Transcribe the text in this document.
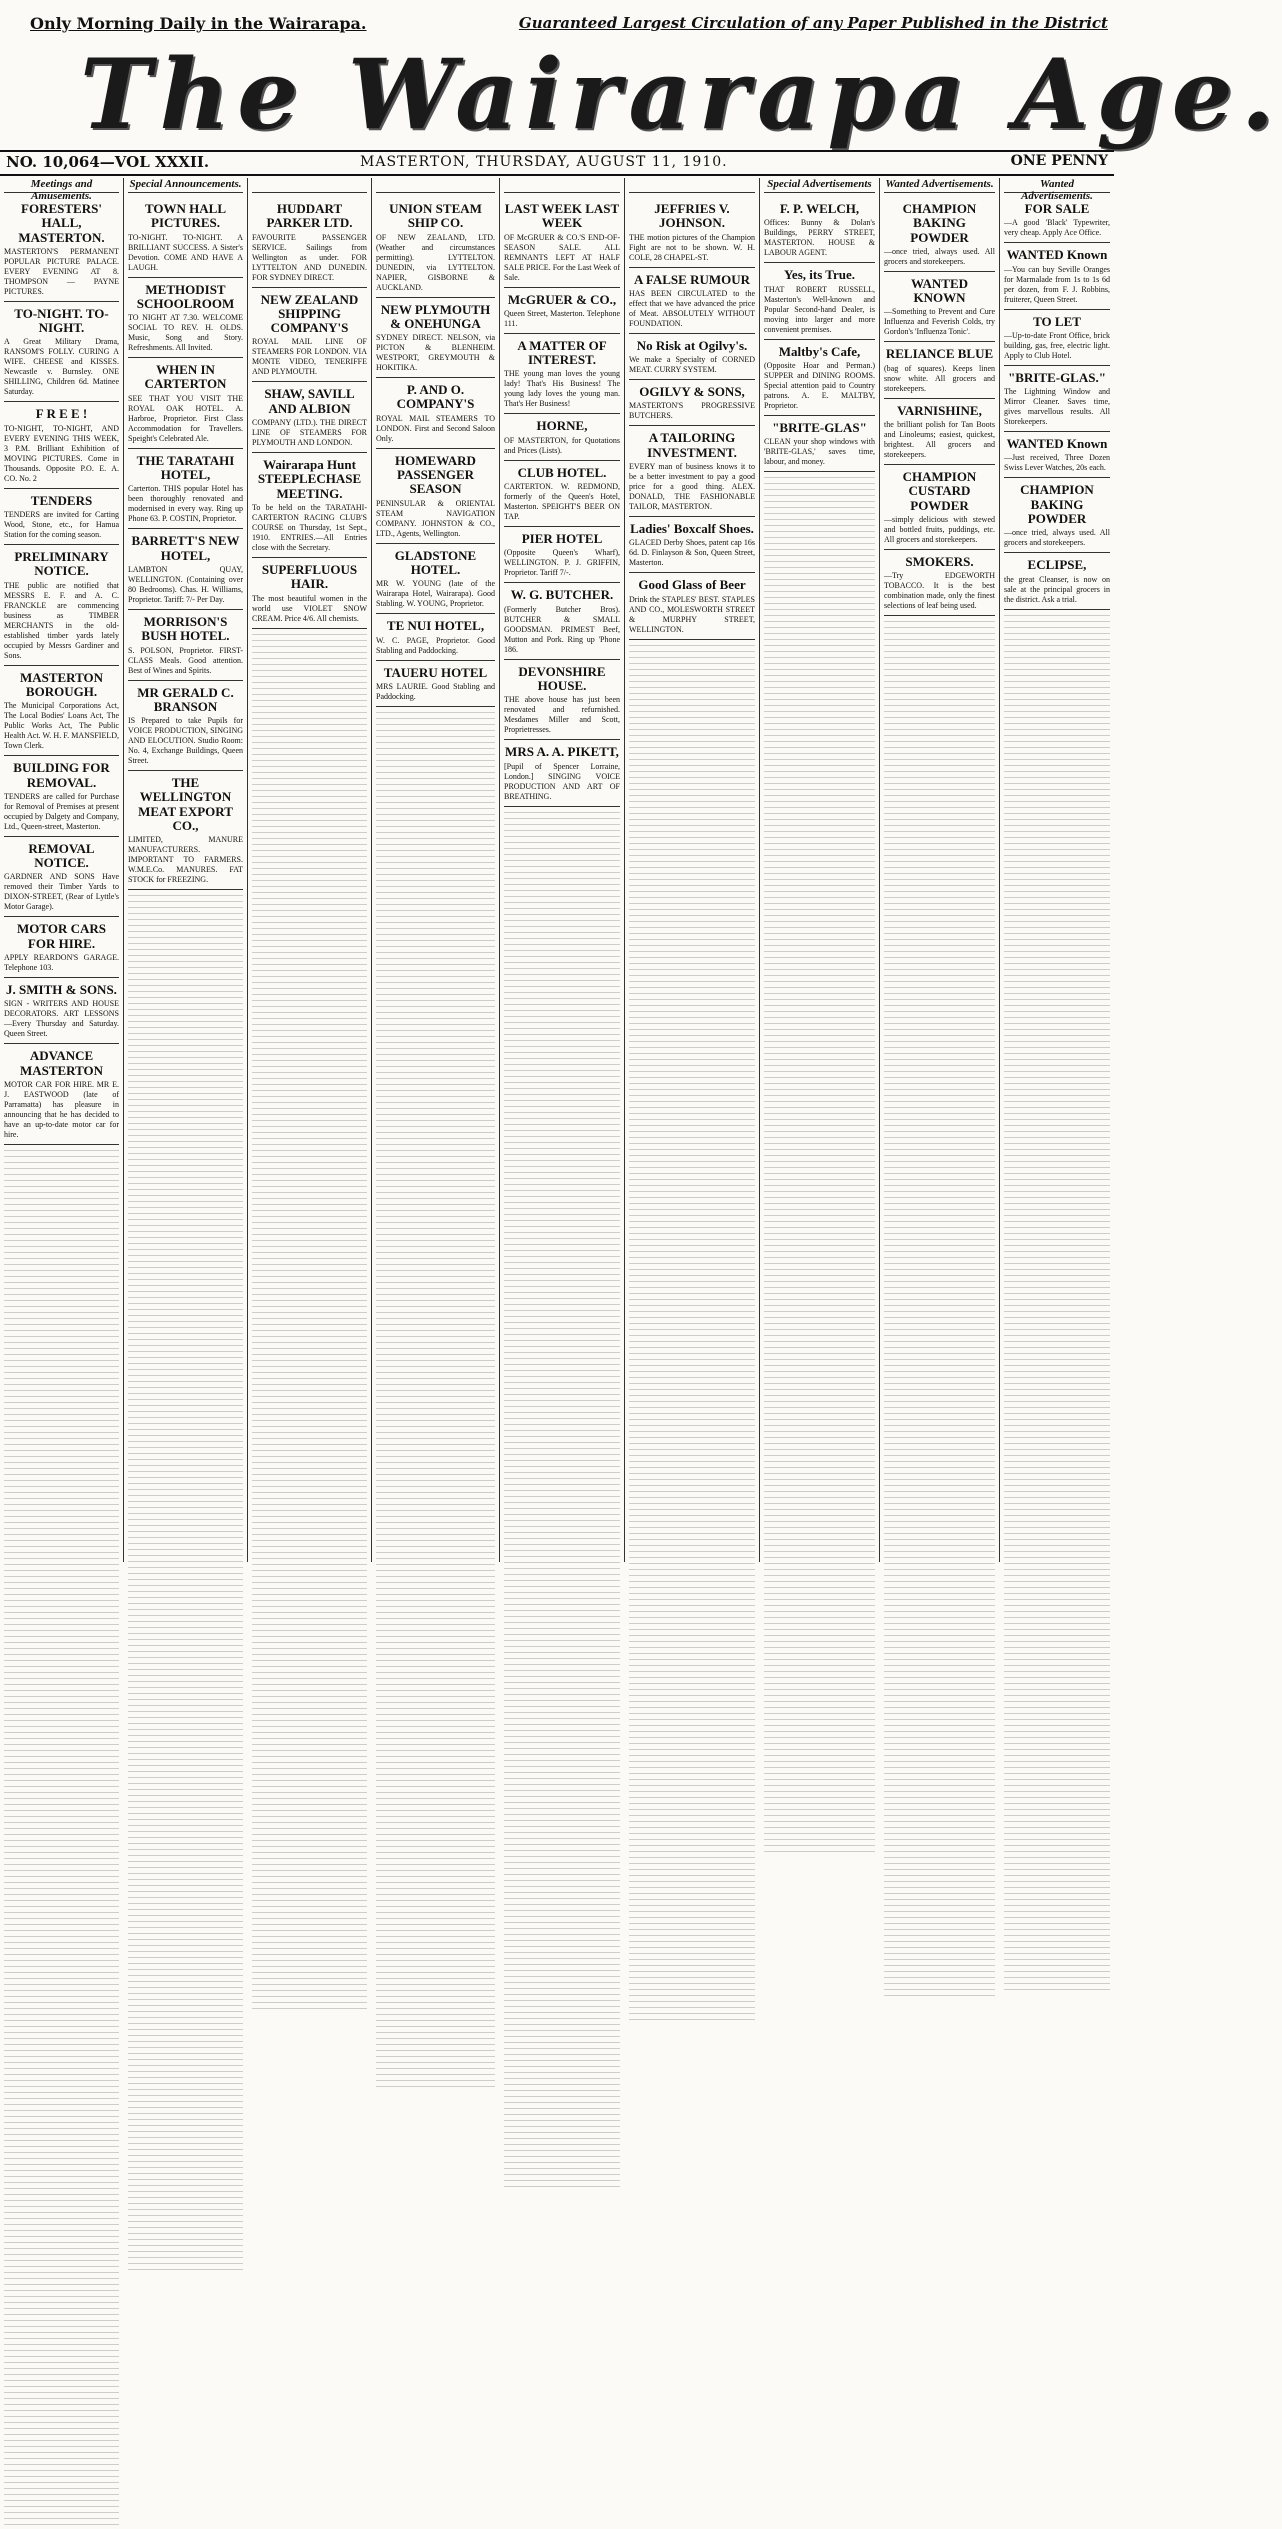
Only Morning Daily in the Wairarapa.	Guaranteed Largest Circulation of any Paper Published in the District
The Wairarapa Age.
NO. 10,064—VOL XXXII.	MASTERTON, THURSDAY, AUGUST 11, 1910.	ONE PENNY
Meetings and Amusements.
FORESTERS' HALL, MASTERTON.

MASTERTON'S PERMANENT POPULAR PICTURE PALACE. EVERY EVENING AT 8. THOMPSON — PAYNE PICTURES.

TO-NIGHT. TO-NIGHT.

A Great Military Drama, RANSOM'S FOLLY. CURING A WIFE. CHEESE and KISSES. Newcastle v. Burnsley. ONE SHILLING, Children 6d. Matinee Saturday.

F R E E !

TO-NIGHT, TO-NIGHT, AND EVERY EVENING THIS WEEK, 3 P.M. Brilliant Exhibition of MOVING PICTURES. Come in Thousands. Opposite P.O. E. A. CO. No. 2

TENDERS

TENDERS are invited for Carting Wood, Stone, etc., for Hamua Station for the coming season.

PRELIMINARY NOTICE.

THE public are notified that MESSRS E. F. and A. C. FRANCKLE are commencing business as TIMBER MERCHANTS in the old-established timber yards lately occupied by Messrs Gardiner and Sons.

MASTERTON BOROUGH.

The Municipal Corporations Act, The Local Bodies' Loans Act, The Public Works Act, The Public Health Act. W. H. F. MANSFIELD, Town Clerk.

BUILDING FOR REMOVAL.

TENDERS are called for Purchase for Removal of Premises at present occupied by Dalgety and Company, Ltd., Queen-street, Masterton.

REMOVAL NOTICE.

GARDNER AND SONS Have removed their Timber Yards to DIXON-STREET, (Rear of Lyttle's Motor Garage).

MOTOR CARS FOR HIRE.

APPLY REARDON'S GARAGE. Telephone 103.

J. SMITH & SONS.

SIGN - WRITERS AND HOUSE DECORATORS. ART LESSONS—Every Thursday and Saturday. Queen Street.

ADVANCE MASTERTON

MOTOR CAR FOR HIRE. MR E. J. EASTWOOD (late of Parramatta) has pleasure in announcing that he has decided to have an up-to-date motor car for hire.

Special Announcements.
TOWN HALL PICTURES.

TO-NIGHT. TO-NIGHT. A BRILLIANT SUCCESS. A Sister's Devotion. COME AND HAVE A LAUGH.

METHODIST SCHOOLROOM

TO NIGHT AT 7.30. WELCOME SOCIAL TO REV. H. OLDS. Music, Song and Story. Refreshments. All Invited.

WHEN IN CARTERTON

SEE THAT YOU VISIT THE ROYAL OAK HOTEL. A. Harbroe, Proprietor. First Class Accommodation for Travellers. Speight's Celebrated Ale.

THE TARATAHI HOTEL,

Carterton. THIS popular Hotel has been thoroughly renovated and modernised in every way. Ring up Phone 63. P. COSTIN, Proprietor.

BARRETT'S NEW HOTEL,

LAMBTON QUAY, WELLINGTON. (Containing over 80 Bedrooms). Chas. H. Williams, Proprietor. Tariff: 7/- Per Day.

MORRISON'S BUSH HOTEL.

S. POLSON, Proprietor. FIRST-CLASS Meals. Good attention. Best of Wines and Spirits.

MR GERALD C. BRANSON

IS Prepared to take Pupils for VOICE PRODUCTION, SINGING AND ELOCUTION. Studio Room: No. 4, Exchange Buildings, Queen Street.

THE WELLINGTON MEAT EXPORT CO.,

LIMITED, MANURE MANUFACTURERS. IMPORTANT TO FARMERS. W.M.E.Co. MANURES. FAT STOCK for FREEZING.

HUDDART PARKER LTD.

FAVOURITE PASSENGER SERVICE. Sailings from Wellington as under. FOR LYTTELTON AND DUNEDIN. FOR SYDNEY DIRECT.

NEW ZEALAND SHIPPING COMPANY'S

ROYAL MAIL LINE OF STEAMERS FOR LONDON. VIA MONTE VIDEO, TENERIFFE AND PLYMOUTH.

SHAW, SAVILL AND ALBION

COMPANY (LTD.). THE DIRECT LINE OF STEAMERS FOR PLYMOUTH AND LONDON.

Wairarapa Hunt STEEPLECHASE MEETING.

To be held on the TARATAHI-CARTERTON RACING CLUB'S COURSE on Thursday, 1st Sept., 1910. ENTRIES.—All Entries close with the Secretary.

SUPERFLUOUS HAIR.

The most beautiful women in the world use VIOLET SNOW CREAM. Price 4/6. All chemists.

UNION STEAM SHIP CO.

OF NEW ZEALAND, LTD. (Weather and circumstances permitting). LYTTELTON. DUNEDIN, via LYTTELTON. NAPIER, GISBORNE & AUCKLAND.

NEW PLYMOUTH & ONEHUNGA

SYDNEY DIRECT. NELSON, via PICTON & BLENHEIM. WESTPORT, GREYMOUTH & HOKITIKA.

P. AND O. COMPANY'S

ROYAL MAIL STEAMERS TO LONDON. First and Second Saloon Only.

HOMEWARD PASSENGER SEASON

PENINSULAR & ORIENTAL STEAM NAVIGATION COMPANY. JOHNSTON & CO., LTD., Agents, Wellington.

GLADSTONE HOTEL.

MR W. YOUNG (late of the Wairarapa Hotel, Wairarapa). Good Stabling. W. YOUNG, Proprietor.

TE NUI HOTEL,

W. C. PAGE, Proprietor. Good Stabling and Paddocking.

TAUERU HOTEL

MRS LAURIE. Good Stabling and Paddocking.

LAST WEEK LAST WEEK

OF McGRUER & CO.'S END-OF-SEASON SALE. ALL REMNANTS LEFT AT HALF SALE PRICE. For the Last Week of Sale.

McGRUER & CO.,

Queen Street, Masterton. Telephone 111.

A MATTER OF INTEREST.

THE young man loves the young lady! That's His Business! The young lady loves the young man. That's Her Business!

HORNE,

OF MASTERTON, for Quotations and Prices (Lists).

CLUB HOTEL.

CARTERTON. W. REDMOND, formerly of the Queen's Hotel, Masterton. SPEIGHT'S BEER ON TAP.

PIER HOTEL

(Opposite Queen's Wharf), WELLINGTON. P. J. GRIFFIN, Proprietor. Tariff 7/-.

W. G. BUTCHER.

(Formerly Butcher Bros). BUTCHER & SMALL GOODSMAN. PRIMEST Beef, Mutton and Pork. Ring up 'Phone 186.

DEVONSHIRE HOUSE.

THE above house has just been renovated and refurnished. Mesdames Miller and Scott, Proprietresses.

MRS A. A. PIKETT,

[Pupil of Spencer Lorraine, London.] SINGING VOICE PRODUCTION AND ART OF BREATHING.

JEFFRIES V. JOHNSON.

THE motion pictures of the Champion Fight are not to be shown. W. H. COLE, 28 CHAPEL-ST.

A FALSE RUMOUR

HAS BEEN CIRCULATED to the effect that we have advanced the price of Meat. ABSOLUTELY WITHOUT FOUNDATION.

No Risk at Ogilvy's.

We make a Specialty of CORNED MEAT. CURRY SYSTEM.

OGILVY & SONS,

MASTERTON'S PROGRESSIVE BUTCHERS.

A TAILORING INVESTMENT.

EVERY man of business knows it to be a better investment to pay a good price for a good thing. ALEX. DONALD, THE FASHIONABLE TAILOR, MASTERTON.

Ladies' Boxcalf Shoes.

GLACED Derby Shoes, patent cap 16s 6d. D. Finlayson & Son, Queen Street, Masterton.

Good Glass of Beer

Drink the STAPLES' BEST. STAPLES AND CO., MOLESWORTH STREET & MURPHY STREET, WELLINGTON.

Special Advertisements
F. P. WELCH,

Offices: Bunny & Dolan's Buildings, PERRY STREET, MASTERTON. HOUSE & LABOUR AGENT.

Yes, its True.

THAT ROBERT RUSSELL, Masterton's Well-known and Popular Second-hand Dealer, is moving into larger and more convenient premises.

Maltby's Cafe,

(Opposite Hoar and Perman.) SUPPER and DINING ROOMS. Special attention paid to Country patrons. A. E. MALTBY, Proprietor.

"BRITE-GLAS"

CLEAN your shop windows with 'BRITE-GLAS,' saves time, labour, and money.

Wanted Advertisements.
CHAMPION BAKING POWDER

—once tried, always used. All grocers and storekeepers.

WANTED KNOWN

—Something to Prevent and Cure Influenza and Feverish Colds, try Gordon's 'Influenza Tonic'.

RELIANCE BLUE

(bag of squares). Keeps linen snow white. All grocers and storekeepers.

VARNISHINE,

the brilliant polish for Tan Boots and Linoleums; easiest, quickest, brightest. All grocers and storekeepers.

CHAMPION CUSTARD POWDER

—simply delicious with stewed and bottled fruits, puddings, etc. All grocers and storekeepers.

SMOKERS.

—Try EDGEWORTH TOBACCO. It is the best combination made, only the finest selections of leaf being used.

Wanted Advertisements.
FOR SALE

—A good 'Black' Typewriter, very cheap. Apply Ace Office.

WANTED Known

—You can buy Seville Oranges for Marmalade from 1s to 1s 6d per dozen, from F. J. Robbins, fruiterer, Queen Street.

TO LET

—Up-to-date Front Office, brick building, gas, free, electric light. Apply to Club Hotel.

"BRITE-GLAS."

The Lightning Window and Mirror Cleaner. Saves time, gives marvellous results. All Storekeepers.

WANTED Known

—Just received, Three Dozen Swiss Lever Watches, 20s each.

CHAMPION BAKING POWDER

—once tried, always used. All grocers and storekeepers.

ECLIPSE,

the great Cleanser, is now on sale at the principal grocers in the district. Ask a trial.
